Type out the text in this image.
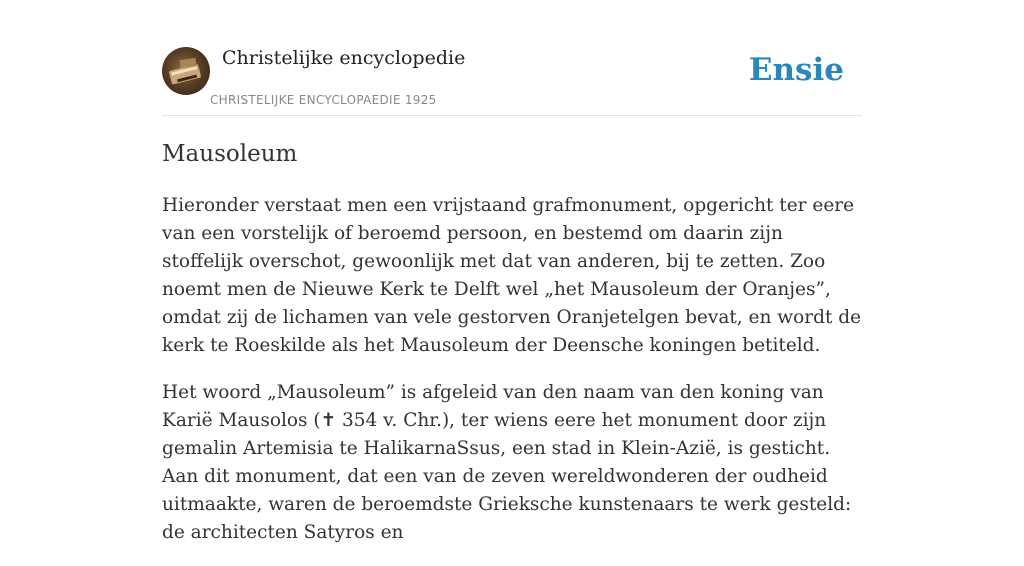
Christelijke encyclopedie
CHRISTELIJKE ENCYCLOPAEDIE 1925
Ensie
Mausoleum

Hieronder verstaat men een vrijstaand grafmonument, opgericht ter eere van een vorstelijk of beroemd persoon, en bestemd om daarin zijn stoffelijk overschot, gewoonlijk met dat van anderen, bij te zetten. Zoo noemt men de Nieuwe Kerk te Delft wel „het Mausoleum der Oranjes”, omdat zij de lichamen van vele gestorven Oranjetelgen bevat, en wordt de kerk te Roeskilde als het Mausoleum der Deensche koningen betiteld.

Het woord „Mausoleum” is afgeleid van den naam van den koning van Karië Mausolos (✝ 354 v. Chr.), ter wiens eere het monument door zijn gemalin Artemisia te HalikarnaSsus, een stad in Klein-Azië, is gesticht. Aan dit monument, dat een van de zeven wereldwonderen der oudheid uitmaakte, waren de beroemdste Grieksche kunstenaars te werk gesteld: de architecten Satyros en
